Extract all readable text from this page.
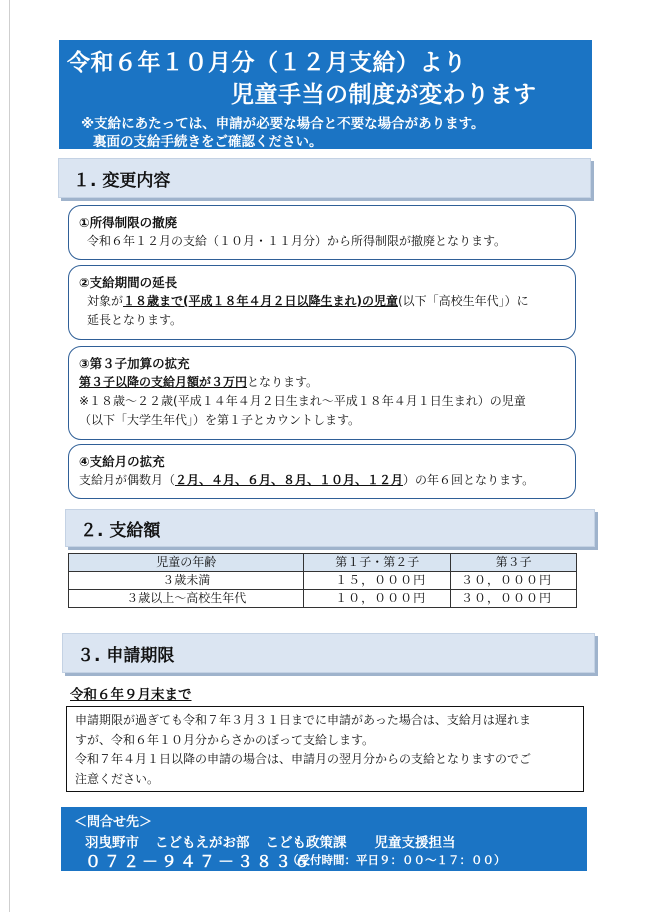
令和６年１０月分（１２月支給）より
児童手当の制度が変わります
※支給にあたっては、申請が必要な場合と不要な場合があります。
裏面の支給手続きをご確認ください。
１. 変更内容
①所得制限の撤廃
令和６年１２月の支給（１０月・１１月分）から所得制限が撤廃となります。
②支給期間の延長
対象が１８歳まで(平成１８年４月２日以降生まれ)の児童(以下「高校生年代」）に
延長となります。
③第３子加算の拡充
第３子以降の支給月額が３万円となります。
※１８歳～２２歳(平成１４年４月２日生まれ～平成１８年４月１日生まれ）の児童
（以下「大学生年代」）を第１子とカウントします。
④支給月の拡充
支給月が偶数月（２月、４月、６月、８月、１０月、１２月）の年６回となります。
２. 支給額
児童の年齢	第１子・第２子	第３子
３歳未満	１５，０００円	３０，０００円
３歳以上～高校生年代	１０，０００円	３０，０００円
３. 申請期限
令和６年９月末まで
申請期限が過ぎても令和７年３月３１日までに申請があった場合は、支給月は遅れま
すが、令和６年１０月分からさかのぼって支給します。
令和７年４月１日以降の申請の場合は、申請月の翌月分からの支給となりますのでご
注意ください。
＜問合せ先＞
羽曳野市 こどもえがお部 こども政策課 児童支援担当
０７２－９４７－３８３６
（受付時間：平日９：００～１７：００）
